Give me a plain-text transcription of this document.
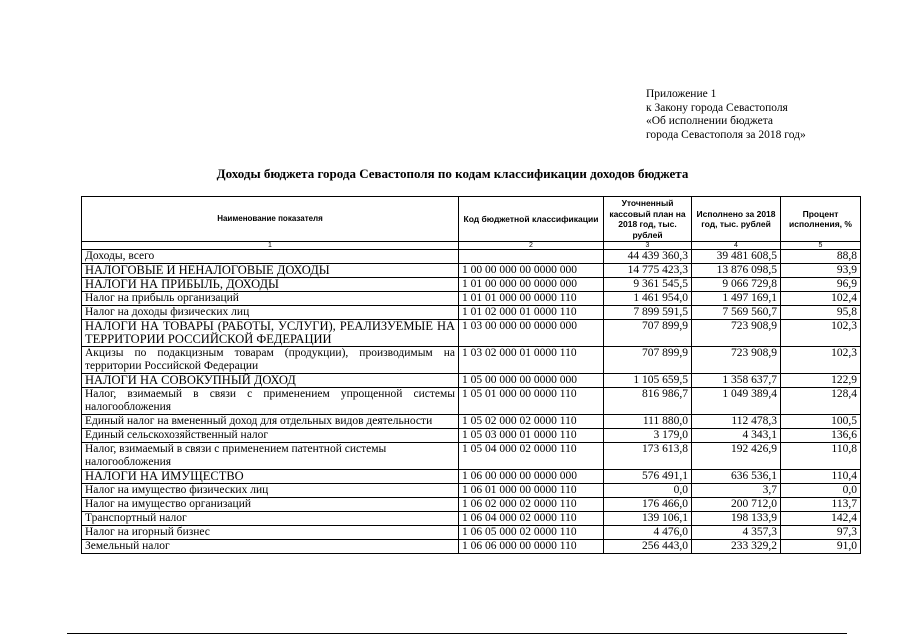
Приложение 1
к Закону города Севастополя
«Об исполнении бюджета
города Севастополя за 2018 год»
Доходы бюджета города Севастополя по кодам классификации доходов бюджета
Наименование показателя	Код бюджетной классификации	Уточненный кассовый план на 2018 год, тыс. рублей	Исполнено за 2018 год, тыс. рублей	Процент исполнения, %
1	2	3	4	5
Доходы, всего		44 439 360,3	39 481 608,5	88,8
НАЛОГОВЫЕ И НЕНАЛОГОВЫЕ ДОХОДЫ	1 00 00 000 00 0000 000	14 775 423,3	13 876 098,5	93,9
НАЛОГИ НА ПРИБЫЛЬ, ДОХОДЫ	1 01 00 000 00 0000 000	9 361 545,5	9 066 729,8	96,9
Налог на прибыль организаций	1 01 01 000 00 0000 110	1 461 954,0	1 497 169,1	102,4
Налог на доходы физических лиц	1 01 02 000 01 0000 110	7 899 591,5	7 569 560,7	95,8
НАЛОГИ НА ТОВАРЫ (РАБОТЫ, УСЛУГИ), РЕАЛИЗУЕМЫЕ НА ТЕРРИТОРИИ РОССИЙСКОЙ ФЕДЕРАЦИИ	1 03 00 000 00 0000 000	707 899,9	723 908,9	102,3
Акцизы по подакцизным товарам (продукции), производимым на территории Российской Федерации	1 03 02 000 01 0000 110	707 899,9	723 908,9	102,3
НАЛОГИ НА СОВОКУПНЫЙ ДОХОД	1 05 00 000 00 0000 000	1 105 659,5	1 358 637,7	122,9
Налог, взимаемый в связи с применением упрощенной системы налогообложения	1 05 01 000 00 0000 110	816 986,7	1 049 389,4	128,4
Единый налог на вмененный доход для отдельных видов деятельности	1 05 02 000 02 0000 110	111 880,0	112 478,3	100,5
Единый сельскохозяйственный налог	1 05 03 000 01 0000 110	3 179,0	4 343,1	136,6
Налог, взимаемый в связи с применением патентной системы налогообложения	1 05 04 000 02 0000 110	173 613,8	192 426,9	110,8
НАЛОГИ НА ИМУЩЕСТВО	1 06 00 000 00 0000 000	576 491,1	636 536,1	110,4
Налог на имущество физических лиц	1 06 01 000 00 0000 110	0,0	3,7	0,0
Налог на имущество организаций	1 06 02 000 02 0000 110	176 466,0	200 712,0	113,7
Транспортный налог	1 06 04 000 02 0000 110	139 106,1	198 133,9	142,4
Налог на игорный бизнес	1 06 05 000 02 0000 110	4 476,0	4 357,3	97,3
Земельный налог	1 06 06 000 00 0000 110	256 443,0	233 329,2	91,0
